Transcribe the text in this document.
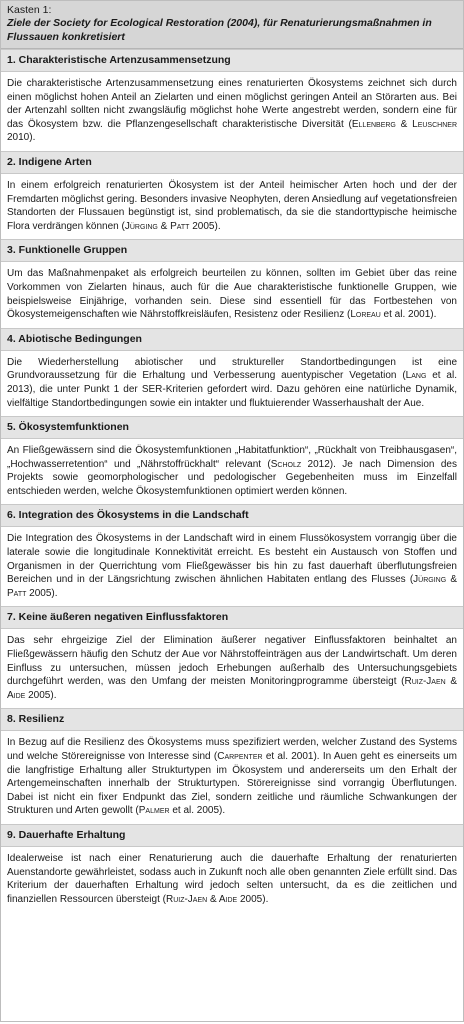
Kasten 1:
Ziele der Society for Ecological Restoration (2004), für Renaturierungsmaßnahmen in Flussauen konkretisiert
1. Charakteristische Artenzusammensetzung
Die charakteristische Artenzusammensetzung eines renaturierten Ökosystems zeichnet sich durch einen möglichst hohen Anteil an Zielarten und einen möglichst geringen Anteil an Störarten aus. Bei der Artenzahl sollten nicht zwangsläufig möglichst hohe Werte angestrebt werden, sondern eine für das Ökosystem bzw. die Pflanzengesellschaft charakteristische Diversität (Ellenberg & Leuschner 2010).
2. Indigene Arten
In einem erfolgreich renaturierten Ökosystem ist der Anteil heimischer Arten hoch und der der Fremdarten möglichst gering. Besonders invasive Neophyten, deren Ansiedlung auf vegetationsfreien Standorten der Flussauen begünstigt ist, sind problematisch, da sie die standorttypische heimische Flora verdrängen können (Jürging & Patt 2005).
3. Funktionelle Gruppen
Um das Maßnahmenpaket als erfolgreich beurteilen zu können, sollten im Gebiet über das reine Vorkommen von Zielarten hinaus, auch für die Aue charakteristische funktionelle Gruppen, wie beispielsweise Einjährige, vorhanden sein. Diese sind essentiell für das Fortbestehen von Ökosystemeigenschaften wie Nährstoffkreisläufen, Resistenz oder Resilienz (Loreau et al. 2001).
4. Abiotische Bedingungen
Die Wiederherstellung abiotischer und struktureller Standortbedingungen ist eine Grundvoraussetzung für die Erhaltung und Verbesserung auentypischer Vegetation (Lang et al. 2013), die unter Punkt 1 der SER-Kriterien gefordert wird. Dazu gehören eine natürliche Dynamik, vielfältige Standortbedingungen sowie ein intakter und fluktuierender Wasserhaushalt der Aue.
5. Ökosystemfunktionen
An Fließgewässern sind die Ökosystemfunktionen „Habitatfunktion“, „Rückhalt von Treibhausgasen“, „Hochwasserretention“ und „Nährstoffrückhalt“ relevant (Scholz 2012). Je nach Dimension des Projekts sowie geomorphologischer und pedologischer Gegebenheiten muss im Einzelfall entschieden werden, welche Ökosystemfunktionen optimiert werden können.
6. Integration des Ökosystems in die Landschaft
Die Integration des Ökosystems in der Landschaft wird in einem Flussökosystem vorrangig über die laterale sowie die longitudinale Konnektivität erreicht. Es besteht ein Austausch von Stoffen und Organismen in der Querrichtung vom Fließgewässer bis hin zu fast dauerhaft überflutungsfreien Bereichen und in der Längsrichtung zwischen ähnlichen Habitaten entlang des Flusses (Jürging & Patt 2005).
7. Keine äußeren negativen Einflussfaktoren
Das sehr ehrgeizige Ziel der Elimination äußerer negativer Einflussfaktoren beinhaltet an Fließgewässern häufig den Schutz der Aue vor Nährstoffeinträgen aus der Landwirtschaft. Um deren Einfluss zu untersuchen, müssen jedoch Erhebungen außerhalb des Untersuchungsgebiets durchgeführt werden, was den Umfang der meisten Monitoringprogramme übersteigt (Ruiz-Jaen & Aide 2005).
8. Resilienz
In Bezug auf die Resilienz des Ökosystems muss spezifiziert werden, welcher Zustand des Systems und welche Störereignisse von Interesse sind (Carpenter et al. 2001). In Auen geht es einerseits um die langfristige Erhaltung aller Strukturtypen im Ökosystem und andererseits um den Erhalt der Artengemeinschaften innerhalb der Strukturtypen. Störereignisse sind vorrangig Überflutungen. Dabei ist nicht ein fixer Endpunkt das Ziel, sondern zeitliche und räumliche Schwankungen der Strukturen und Arten gewollt (Palmer et al. 2005).
9. Dauerhafte Erhaltung
Idealerweise ist nach einer Renaturierung auch die dauerhafte Erhaltung der renaturierten Auenstandorte gewährleistet, sodass auch in Zukunft noch alle oben genannten Ziele erfüllt sind. Das Kriterium der dauerhaften Erhaltung wird jedoch selten untersucht, da es die zeitlichen und finanziellen Ressourcen übersteigt (Ruiz-Jaen & Aide 2005).
